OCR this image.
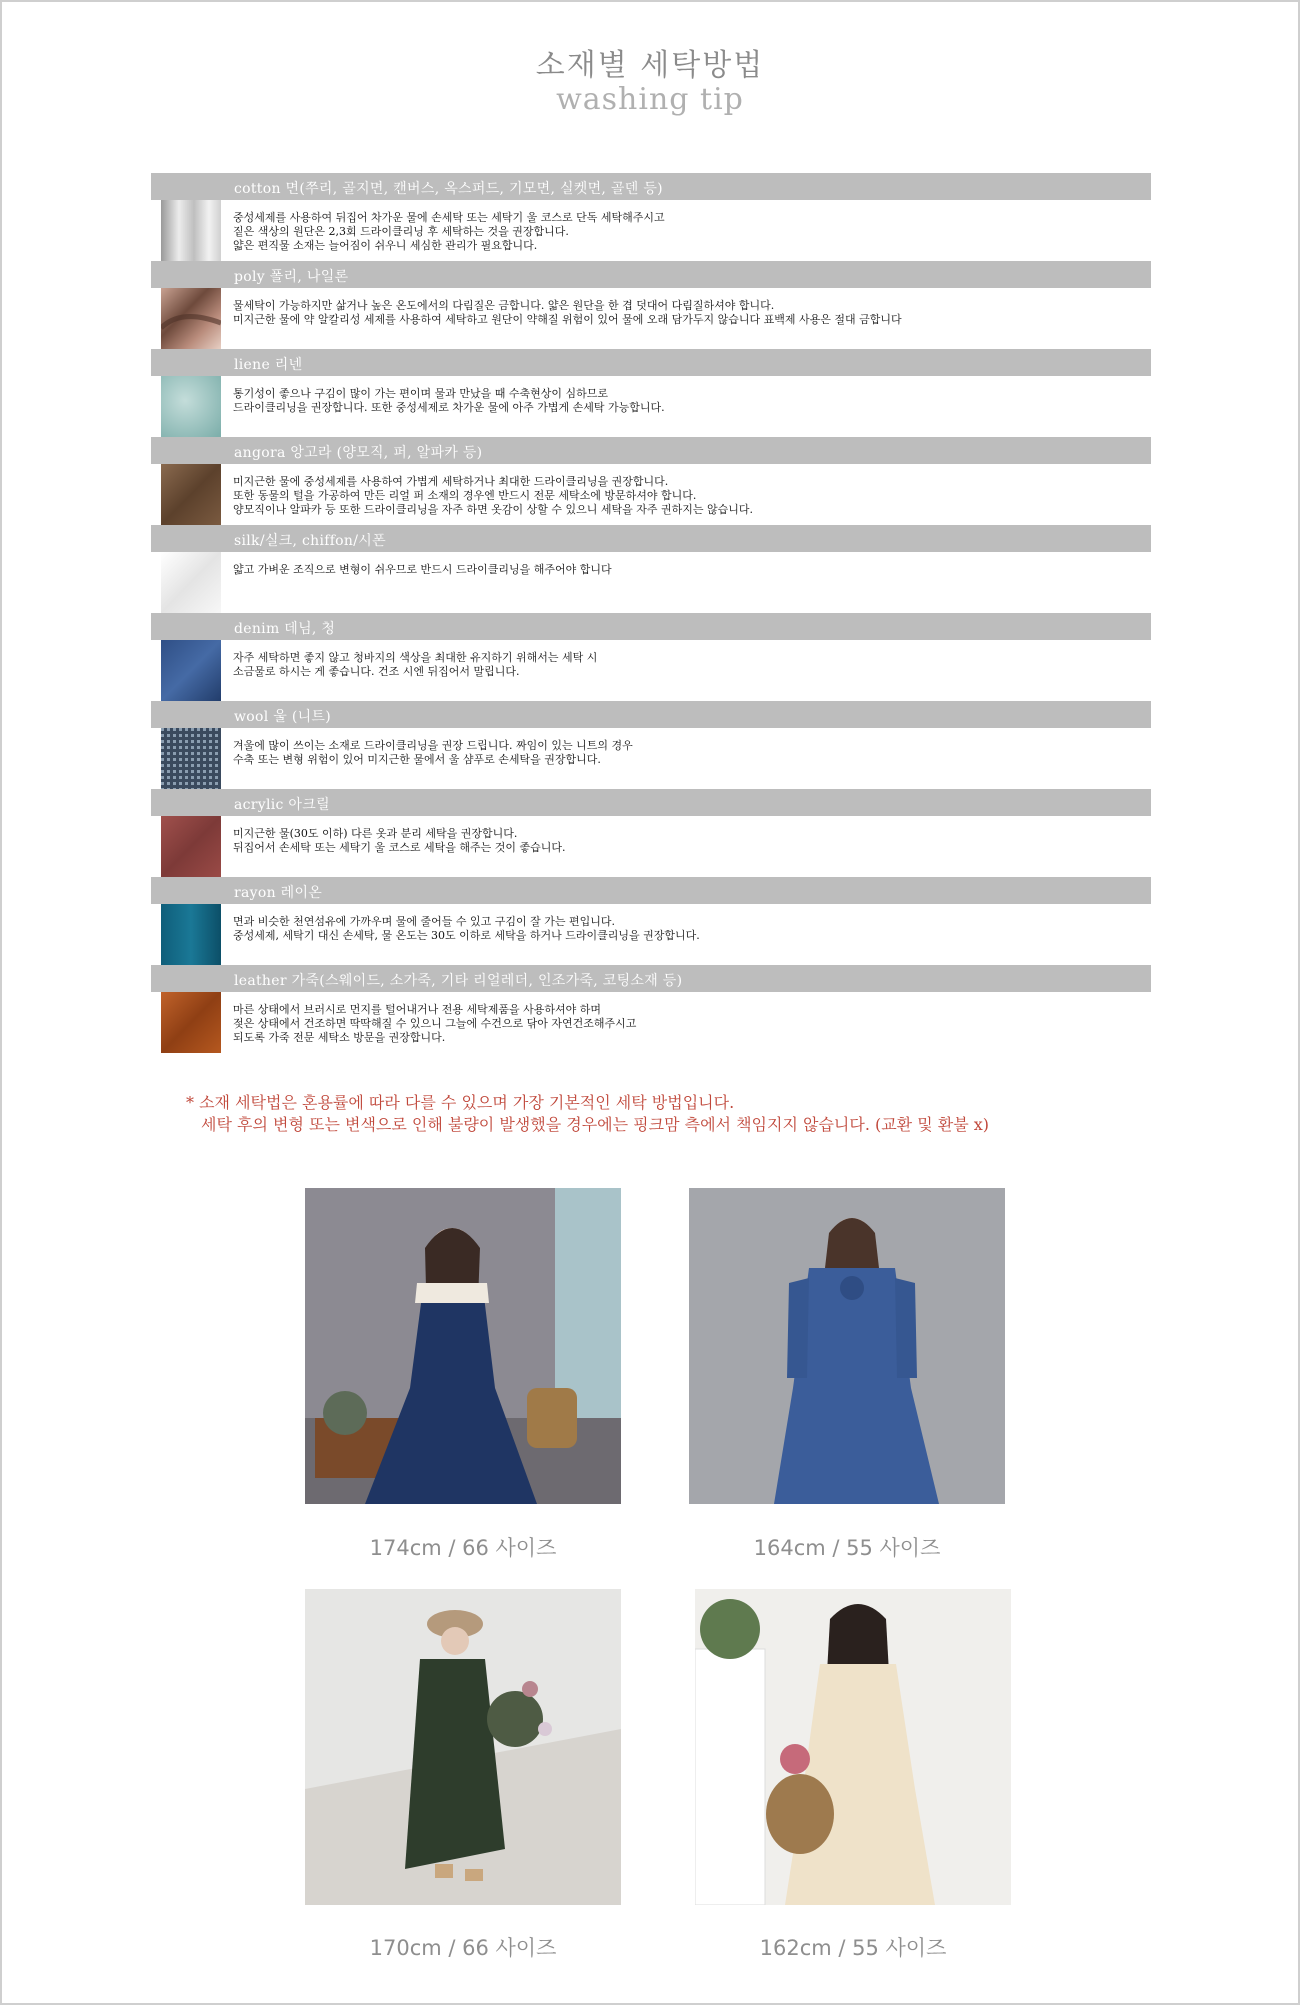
소재별 세탁방법
washing tip
cotton 면(쭈리, 골지면, 캔버스, 옥스퍼드, 기모면, 실켓면, 골덴 등)
중성세제를 사용하여 뒤집어 차가운 물에 손세탁 또는 세탁기 울 코스로 단독 세탁해주시고
짙은 색상의 원단은 2,3회 드라이클리닝 후 세탁하는 것을 권장합니다.
얇은 편직물 소재는 늘어짐이 쉬우니 세심한 관리가 필요합니다.
poly 폴리, 나일론
물세탁이 가능하지만 삶거나 높은 온도에서의 다림질은 금합니다. 얇은 원단을 한 겹 덧대어 다림질하셔야 합니다.
미지근한 물에 약 알칼리성 세제를 사용하여 세탁하고 원단이 약해질 위험이 있어 물에 오래 담가두지 않습니다 표백제 사용은 절대 금합니다
liene 리넨
통기성이 좋으나 구김이 많이 가는 편이며 물과 만났을 때 수축현상이 심하므로
드라이클리닝을 권장합니다. 또한 중성세제로 차가운 물에 아주 가볍게 손세탁 가능합니다.
angora 앙고라 (양모직, 퍼, 알파카 등)
미지근한 물에 중성세제를 사용하여 가볍게 세탁하거나 최대한 드라이클리닝을 권장합니다.
또한 동물의 털을 가공하여 만든 리얼 퍼 소재의 경우엔 반드시 전문 세탁소에 방문하셔야 합니다.
양모직이나 알파카 등 또한 드라이클리닝을 자주 하면 옷감이 상할 수 있으니 세탁을 자주 권하지는 않습니다.
silk/실크, chiffon/시폰
얇고 가벼운 조직으로 변형이 쉬우므로 반드시 드라이클리닝을 해주어야 합니다
denim 데님, 청
자주 세탁하면 좋지 않고 청바지의 색상을 최대한 유지하기 위해서는 세탁 시
소금물로 하시는 게 좋습니다. 건조 시엔 뒤집어서 말립니다.
wool 울 (니트)
겨울에 많이 쓰이는 소재로 드라이클리닝을 권장 드립니다. 짜임이 있는 니트의 경우
수축 또는 변형 위험이 있어 미지근한 물에서 울 샴푸로 손세탁을 권장합니다.
acrylic 아크릴
미지근한 물(30도 이하) 다른 옷과 분리 세탁을 권장합니다.
뒤집어서 손세탁 또는 세탁기 울 코스로 세탁을 해주는 것이 좋습니다.
rayon 레이온
면과 비슷한 천연섬유에 가까우며 물에 줄어들 수 있고 구김이 잘 가는 편입니다.
중성세제, 세탁기 대신 손세탁, 물 온도는 30도 이하로 세탁을 하거나 드라이클리닝을 권장합니다.
leather 가죽(스웨이드, 소가죽, 기타 리얼레더, 인조가죽, 코팅소재 등)
마른 상태에서 브러시로 먼지를 털어내거나 전용 세탁제품을 사용하셔야 하며
젖은 상태에서 건조하면 딱딱해질 수 있으니 그늘에 수건으로 닦아 자연건조해주시고
되도록 가죽 전문 세탁소 방문을 권장합니다.
* 소재 세탁법은 혼용률에 따라 다를 수 있으며 가장 기본적인 세탁 방법입니다.
세탁 후의 변형 또는 변색으로 인해 불량이 발생했을 경우에는 핑크맘 측에서 책임지지 않습니다. (교환 및 환불 x)
174cm / 66 사이즈	164cm / 55 사이즈
170cm / 66 사이즈	162cm / 55 사이즈
